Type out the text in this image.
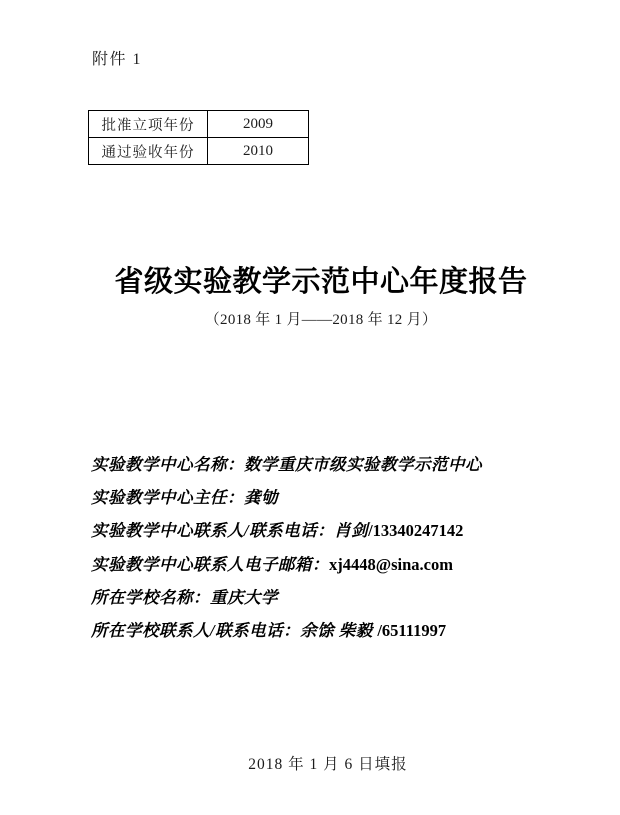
附件 1
批准立项年份	2009
通过验收年份	2010
省级实验教学示范中心年度报告
（2018 年 1 月——2018 年 12 月）
实验教学中心名称：数学重庆市级实验教学示范中心
实验教学中心主任：龚劬
实验教学中心联系人/联系电话：肖剑/13340247142
实验教学中心联系人电子邮箱：xj4448@sina.com
所在学校名称：重庆大学
所在学校联系人/联系电话：余馀 柴毅 /65111997
2018 年 1 月 6 日填报
